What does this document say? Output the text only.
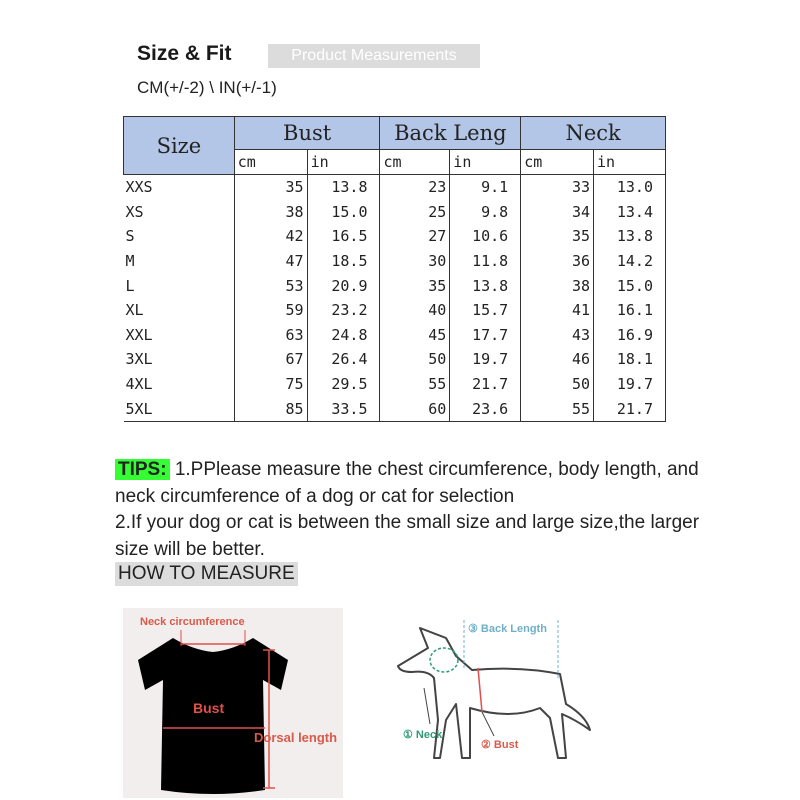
Size & Fit	Product Measurements
CM(+/-2) \ IN(+/-1)
Size	Bust		Back Leng		Neck	
	cm	in	cm	in	cm	in
XXS	35	13.8	23	9.1	33	13.0
XS	38	15.0	25	9.8	34	13.4
S	42	16.5	27	10.6	35	13.8
M	47	18.5	30	11.8	36	14.2
L	53	20.9	35	13.8	38	15.0
XL	59	23.2	40	15.7	41	16.1
XXL	63	24.8	45	17.7	43	16.9
3XL	67	26.4	50	19.7	46	18.1
4XL	75	29.5	55	21.7	50	19.7
5XL	85	33.5	60	23.6	55	21.7
TIPS: 1.PPlease measure the chest circumference, body length, and neck circumference of a dog or cat for selection
2.If your dog or cat is between the small size and large size,the larger size will be better.
HOW TO MEASURE
Neck circumference
Bust
Dorsal length
③ Back Length
① Neck
② Bust
